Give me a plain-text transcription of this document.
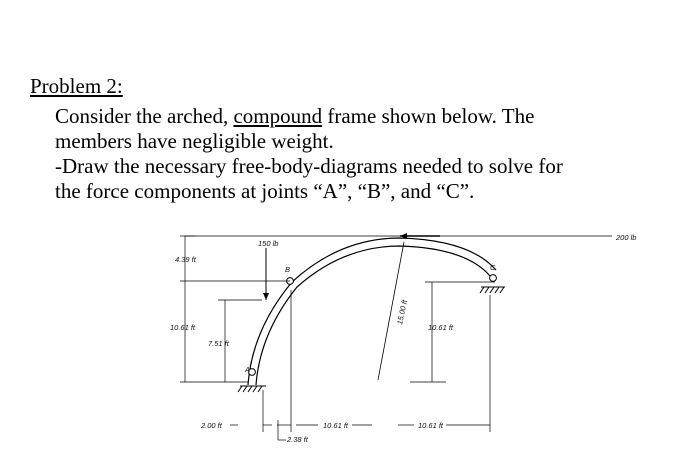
Problem 2:

Consider the arched, compound frame shown below. The

members have negligible weight.

-Draw the necessary free-body-diagrams needed to solve for

the force components at joints “A”, “B”, and “C”.

A
B	C
150 lb
200 lb
4.39 ft
10.61 ft
7.51 ft
15.00 ft
10.61 ft
2.00 ft	10.61 ft	10.61 ft
2.38 ft
